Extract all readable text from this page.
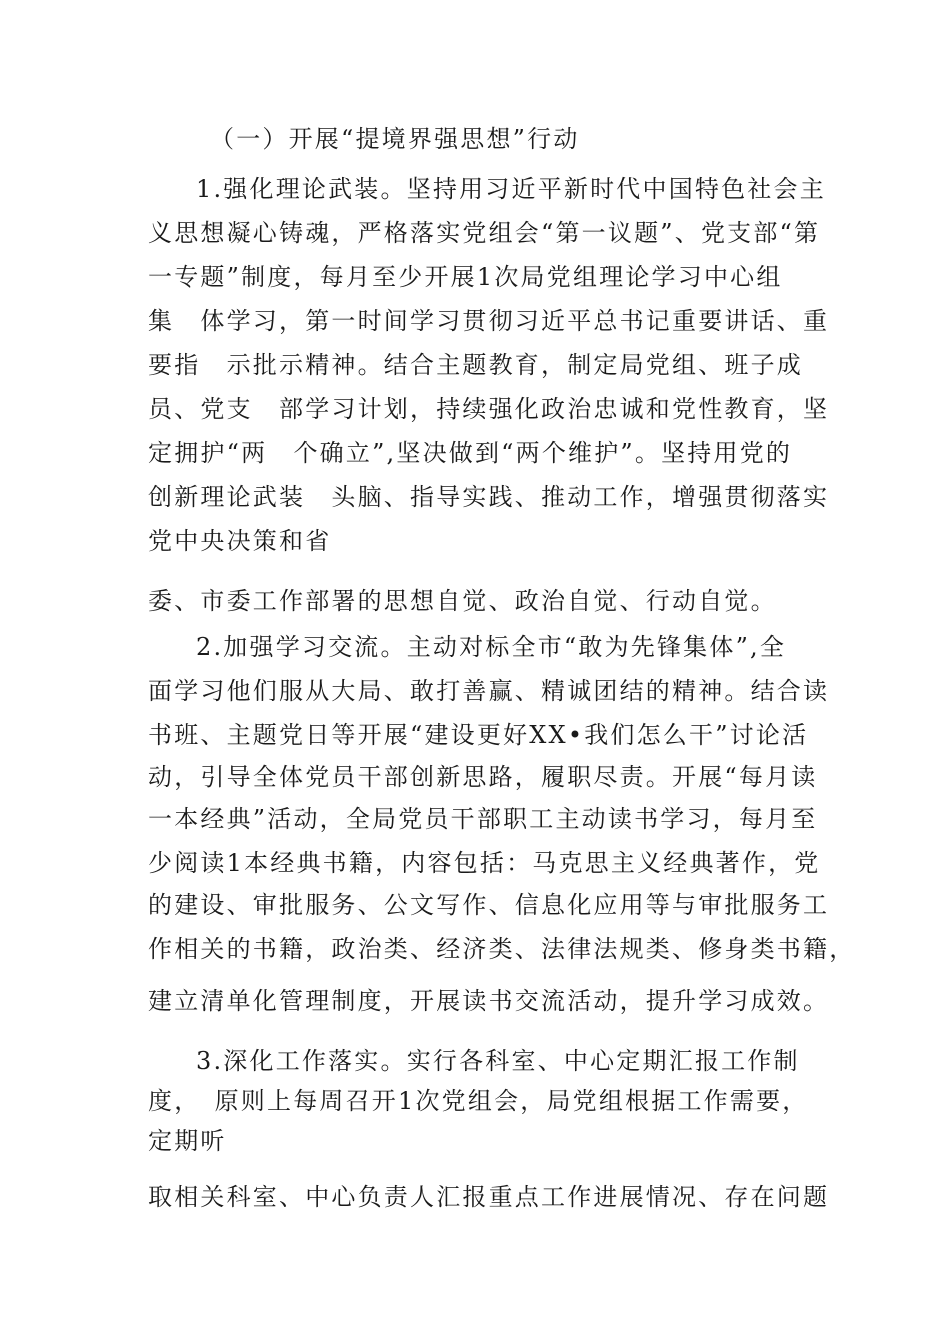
（一）开展“提境界强思想”行动
1.强化理论武装。坚持用习近平新时代中国特色社会主
义思想凝心铸魂，严格落实党组会“第一议题”、党支部“第
一专题”制度，每月至少开展1次局党组理论学习中心组
集　体学习，第一时间学习贯彻习近平总书记重要讲话、重
要指　示批示精神。结合主题教育，制定局党组、班子成
员、党支　部学习计划，持续强化政治忠诚和党性教育，坚
定拥护“两　个确立”,坚决做到“两个维护”。坚持用党的
创新理论武装　头脑、指导实践、推动工作，增强贯彻落实
党中央决策和省
委、市委工作部署的思想自觉、政治自觉、行动自觉。
2.加强学习交流。主动对标全市“敢为先锋集体”,全
面学习他们服从大局、敢打善赢、精诚团结的精神。结合读
书班、主题党日等开展“建设更好XX•我们怎么干”讨论活
动，引导全体党员干部创新思路，履职尽责。开展“每月读
一本经典”活动，全局党员干部职工主动读书学习，每月至
少阅读1本经典书籍，内容包括：马克思主义经典著作，党
的建设、审批服务、公文写作、信息化应用等与审批服务工
作相关的书籍，政治类、经济类、法律法规类、修身类书籍，
建立清单化管理制度，开展读书交流活动，提升学习成效。
3.深化工作落实。实行各科室、中心定期汇报工作制
度，　原则上每周召开1次党组会，局党组根据工作需要，
定期听
取相关科室、中心负责人汇报重点工作进展情况、存在问题
